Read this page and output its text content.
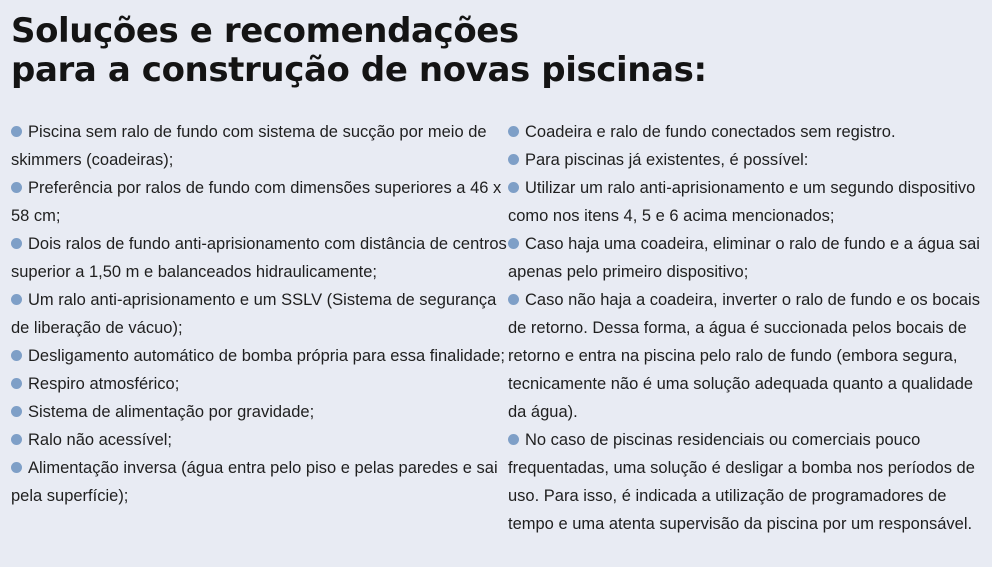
Soluções e recomendações
para a construção de novas piscinas:

Piscina sem ralo de fundo com sistema de sucção por meio de skimmers (coadeiras);

Preferência por ralos de fundo com dimensões superiores a 46 x 58 cm;

Dois ralos de fundo anti-aprisionamento com distância de centros superior a 1,50 m e balanceados hidraulicamente;

Um ralo anti-aprisionamento e um SSLV (Sistema de segurança de liberação de vácuo);

Desligamento automático de bomba própria para essa finalidade;

Respiro atmosférico;

Sistema de alimentação por gravidade;

Ralo não acessível;

Alimentação inversa (água entra pelo piso e pelas paredes e sai pela superfície);

Coadeira e ralo de fundo conectados sem registro.

Para piscinas já existentes, é possível:

Utilizar um ralo anti-aprisionamento e um segundo dispositivo como nos itens 4, 5 e 6 acima mencionados;

Caso haja uma coadeira, eliminar o ralo de fundo e a água sai apenas pelo primeiro dispositivo;

Caso não haja a coadeira, inverter o ralo de fundo e os bocais de retorno. Dessa forma, a água é succionada pelos bocais de retorno e entra na piscina pelo ralo de fundo (embora segura, tecnicamente não é uma solução adequada quanto a qualidade da água).

No caso de piscinas residenciais ou comerciais pouco frequentadas, uma solução é desligar a bomba nos períodos de uso. Para isso, é indicada a utilização de programadores de tempo e uma atenta supervisão da piscina por um responsável.
